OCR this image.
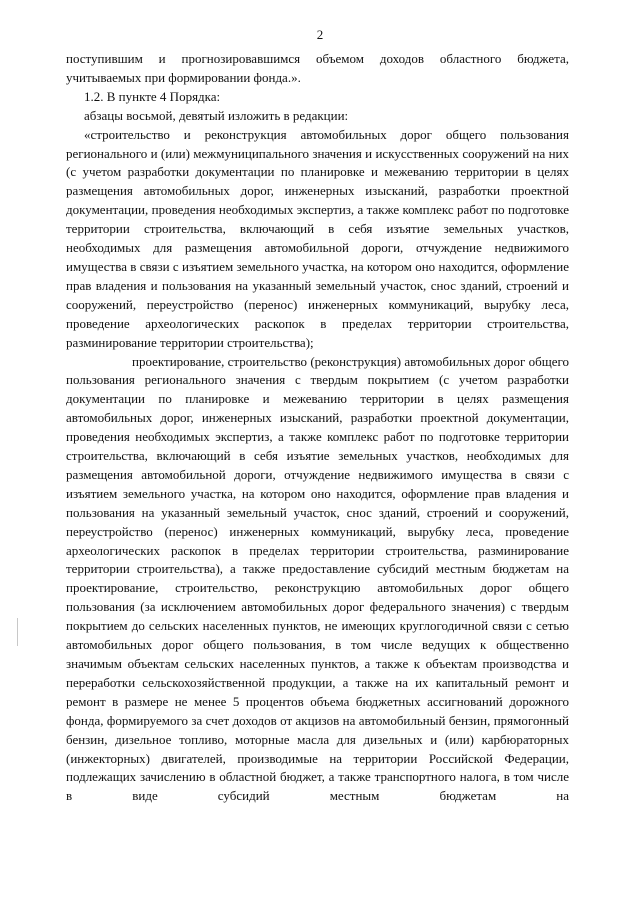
2

поступившим и прогнозировавшимся объемом доходов областного бюджета, учитываемых при формировании фонда.».

1.2. В пункте 4 Порядка:

абзацы восьмой, девятый изложить в редакции:

«строительство и реконструкция автомобильных дорог общего пользования регионального и (или) межмуниципального значения и искусственных сооружений на них (с учетом разработки документации по планировке и межеванию территории в целях размещения автомобильных дорог, инженерных изысканий, разработки проектной документации, проведения необходимых экспертиз, а также комплекс работ по подготовке территории строительства, включающий в себя изъятие земельных участков, необходимых для размещения автомобильной дороги, отчуждение недвижимого имущества в связи с изъятием земельного участка, на котором оно находится, оформление прав владения и пользования на указанный земельный участок, снос зданий, строений и сооружений, переустройство (перенос) инженерных коммуникаций, вырубку леса, проведение археологических раскопок в пределах территории строительства, разминирование территории строительства);

проектирование, строительство (реконструкция) автомобильных дорог общего пользования регионального значения с твердым покрытием (с учетом разработки документации по планировке и межеванию территории в целях размещения автомобильных дорог, инженерных изысканий, разработки проектной документации, проведения необходимых экспертиз, а также комплекс работ по подготовке территории строительства, включающий в себя изъятие земельных участков, необходимых для размещения автомобильной дороги, отчуждение недвижимого имущества в связи с изъятием земельного участка, на котором оно находится, оформление прав владения и пользования на указанный земельный участок, снос зданий, строений и сооружений, переустройство (перенос) инженерных коммуникаций, вырубку леса, проведение археологических раскопок в пределах территории строительства, разминирование территории строительства), а также предоставление субсидий местным бюджетам на проектирование, строительство, реконструкцию автомобильных дорог общего пользования (за исключением автомобильных дорог федерального значения) с твердым покрытием до сельских населенных пунктов, не имеющих круглогодичной связи с сетью автомобильных дорог общего пользования, в том числе ведущих к общественно значимым объектам сельских населенных пунктов, а также к объектам производства и переработки сельскохозяйственной продукции, а также на их капитальный ремонт и ремонт в размере не менее 5 процентов объема бюджетных ассигнований дорожного фонда, формируемого за счет доходов от акцизов на автомобильный бензин, прямогонный бензин, дизельное топливо, моторные масла для дизельных и (или) карбюраторных (инжекторных) двигателей, производимые на территории Российской Федерации, подлежащих зачислению в областной бюджет, а также транспортного налога, в том числе в виде субсидий местным бюджетам на
